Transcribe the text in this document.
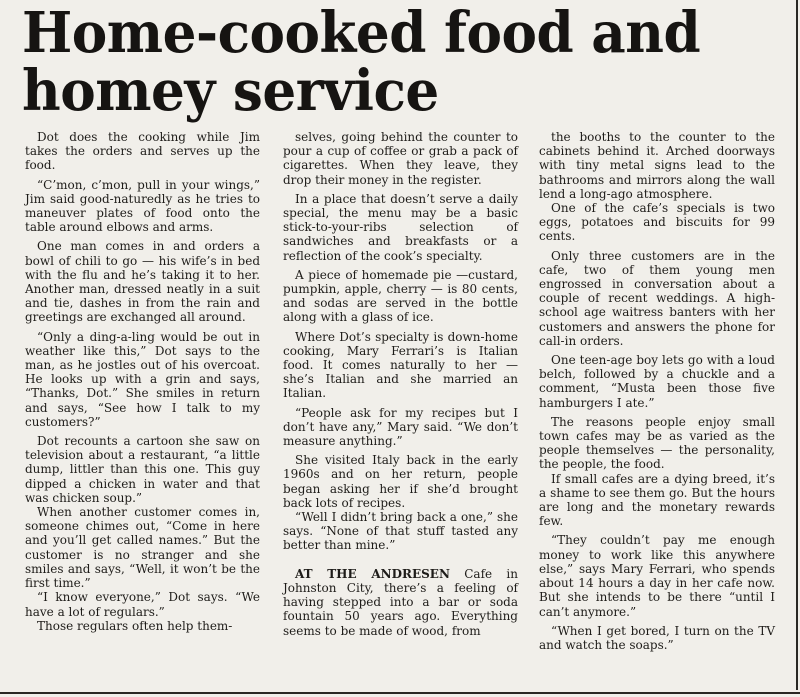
Home-cooked food and homey service

Dot does the cooking while Jim takes the orders and serves up the food.

“C’mon, c’mon, pull in your wings,” Jim said good-naturedly as he tries to maneuver plates of food onto the table around elbows and arms.

One man comes in and orders a bowl of chili to go — his wife’s in bed with the flu and he’s taking it to her. Another man, dressed neatly in a suit and tie, dashes in from the rain and greetings are exchanged all around.

“Only a ding-a-ling would be out in weather like this,” Dot says to the man, as he jostles out of his overcoat. He looks up with a grin and says, “Thanks, Dot.” She smiles in return and says, “See how I talk to my customers?”

Dot recounts a cartoon she saw on television about a restaurant, “a little dump, littler than this one. This guy dipped a chicken in water and that was chicken soup.”

When another customer comes in, someone chimes out, “Come in here and you’ll get called names.” But the customer is no stranger and she smiles and says, “Well, it won’t be the first time.”

“I know everyone,” Dot says. “We have a lot of regulars.”

Those regulars often help them-

selves, going behind the counter to pour a cup of coffee or grab a pack of cigarettes. When they leave, they drop their money in the register.

In a place that doesn’t serve a daily special, the menu may be a basic stick-to-your-ribs selection of sandwiches and breakfasts or a reflection of the cook’s specialty.

A piece of homemade pie —custard, pumpkin, apple, cherry — is 80 cents, and sodas are served in the bottle along with a glass of ice.

Where Dot’s specialty is down-home cooking, Mary Ferrari’s is Italian food. It comes naturally to her — she’s Italian and she married an Italian.

“People ask for my recipes but I don’t have any,” Mary said. “We don’t measure anything.”

She visited Italy back in the early 1960s and on her return, people began asking her if she’d brought back lots of recipes.

“Well I didn’t bring back a one,” she says. “None of that stuff tasted any better than mine.”

AT THE ANDRESEN Cafe in Johnston City, there’s a feeling of having stepped into a bar or soda fountain 50 years ago. Everything seems to be made of wood, from

the booths to the counter to the cabinets behind it. Arched doorways with tiny metal signs lead to the bathrooms and mirrors along the wall lend a long-ago atmosphere.

One of the cafe’s specials is two eggs, potatoes and biscuits for 99 cents.

Only three customers are in the cafe, two of them young men engrossed in conversation about a couple of recent weddings. A high-school age waitress banters with her customers and answers the phone for call-in orders.

One teen-age boy lets go with a loud belch, followed by a chuckle and a comment, “Musta been those five hamburgers I ate.”

The reasons people enjoy small town cafes may be as varied as the people themselves — the personality, the people, the food.

If small cafes are a dying breed, it’s a shame to see them go. But the hours are long and the monetary rewards few.

“They couldn’t pay me enough money to work like this anywhere else,” says Mary Ferrari, who spends about 14 hours a day in her cafe now. But she intends to be there “until I can’t anymore.”

“When I get bored, I turn on the TV and watch the soaps.”
